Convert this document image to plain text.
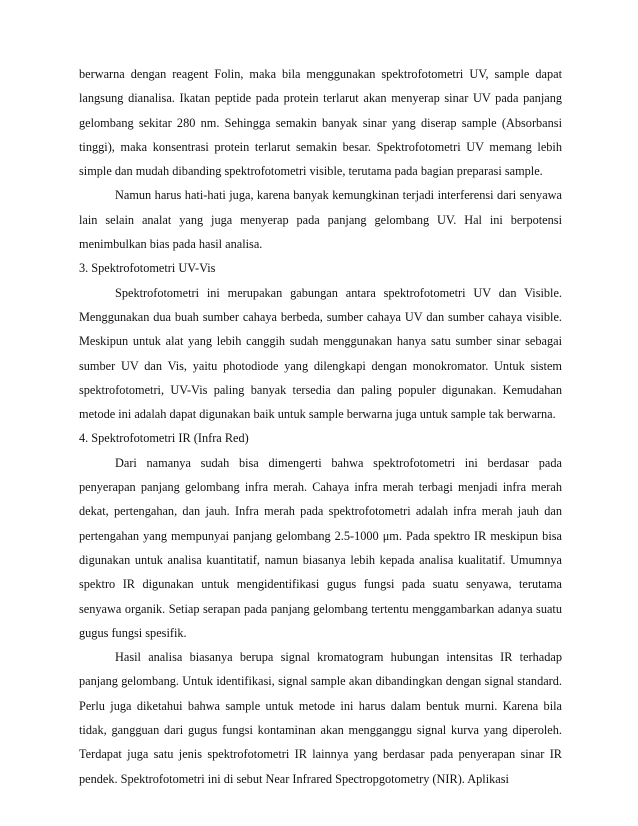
berwarna dengan reagent Folin, maka bila menggunakan spektrofotometri UV, sample dapat langsung dianalisa. Ikatan peptide pada protein terlarut akan menyerap sinar UV pada panjang gelombang sekitar 280 nm. Sehingga semakin banyak sinar yang diserap sample (Absorbansi tinggi), maka konsentrasi protein terlarut semakin besar. Spektrofotometri UV memang lebih simple dan mudah dibanding spektrofotometri visible, terutama pada bagian preparasi sample.

Namun harus hati-hati juga, karena banyak kemungkinan terjadi interferensi dari senyawa lain selain analat yang juga menyerap pada panjang gelombang UV. Hal ini berpotensi menimbulkan bias pada hasil analisa.

3. Spektrofotometri UV-Vis

Spektrofotometri ini merupakan gabungan antara spektrofotometri UV dan Visible. Menggunakan dua buah sumber cahaya berbeda, sumber cahaya UV dan sumber cahaya visible. Meskipun untuk alat yang lebih canggih sudah menggunakan hanya satu sumber sinar sebagai sumber UV dan Vis, yaitu photodiode yang dilengkapi dengan monokromator. Untuk sistem spektrofotometri, UV-Vis paling banyak tersedia dan paling populer digunakan. Kemudahan metode ini adalah dapat digunakan baik untuk sample berwarna juga untuk sample tak berwarna.

4. Spektrofotometri IR (Infra Red)

Dari namanya sudah bisa dimengerti bahwa spektrofotometri ini berdasar pada penyerapan panjang gelombang infra merah. Cahaya infra merah terbagi menjadi infra merah dekat, pertengahan, dan jauh. Infra merah pada spektrofotometri adalah infra merah jauh dan pertengahan yang mempunyai panjang gelombang 2.5-1000 μm. Pada spektro IR meskipun bisa digunakan untuk analisa kuantitatif, namun biasanya lebih kepada analisa kualitatif. Umumnya spektro IR digunakan untuk mengidentifikasi gugus fungsi pada suatu senyawa, terutama senyawa organik. Setiap serapan pada panjang gelombang tertentu menggambarkan adanya suatu gugus fungsi spesifik.

Hasil analisa biasanya berupa signal kromatogram hubungan intensitas IR terhadap panjang gelombang. Untuk identifikasi, signal sample akan dibandingkan dengan signal standard. Perlu juga diketahui bahwa sample untuk metode ini harus dalam bentuk murni. Karena bila tidak, gangguan dari gugus fungsi kontaminan akan mengganggu signal kurva yang diperoleh. Terdapat juga satu jenis spektrofotometri IR lainnya yang berdasar pada penyerapan sinar IR pendek. Spektrofotometri ini di sebut Near Infrared Spectropgotometry (NIR). Aplikasi
